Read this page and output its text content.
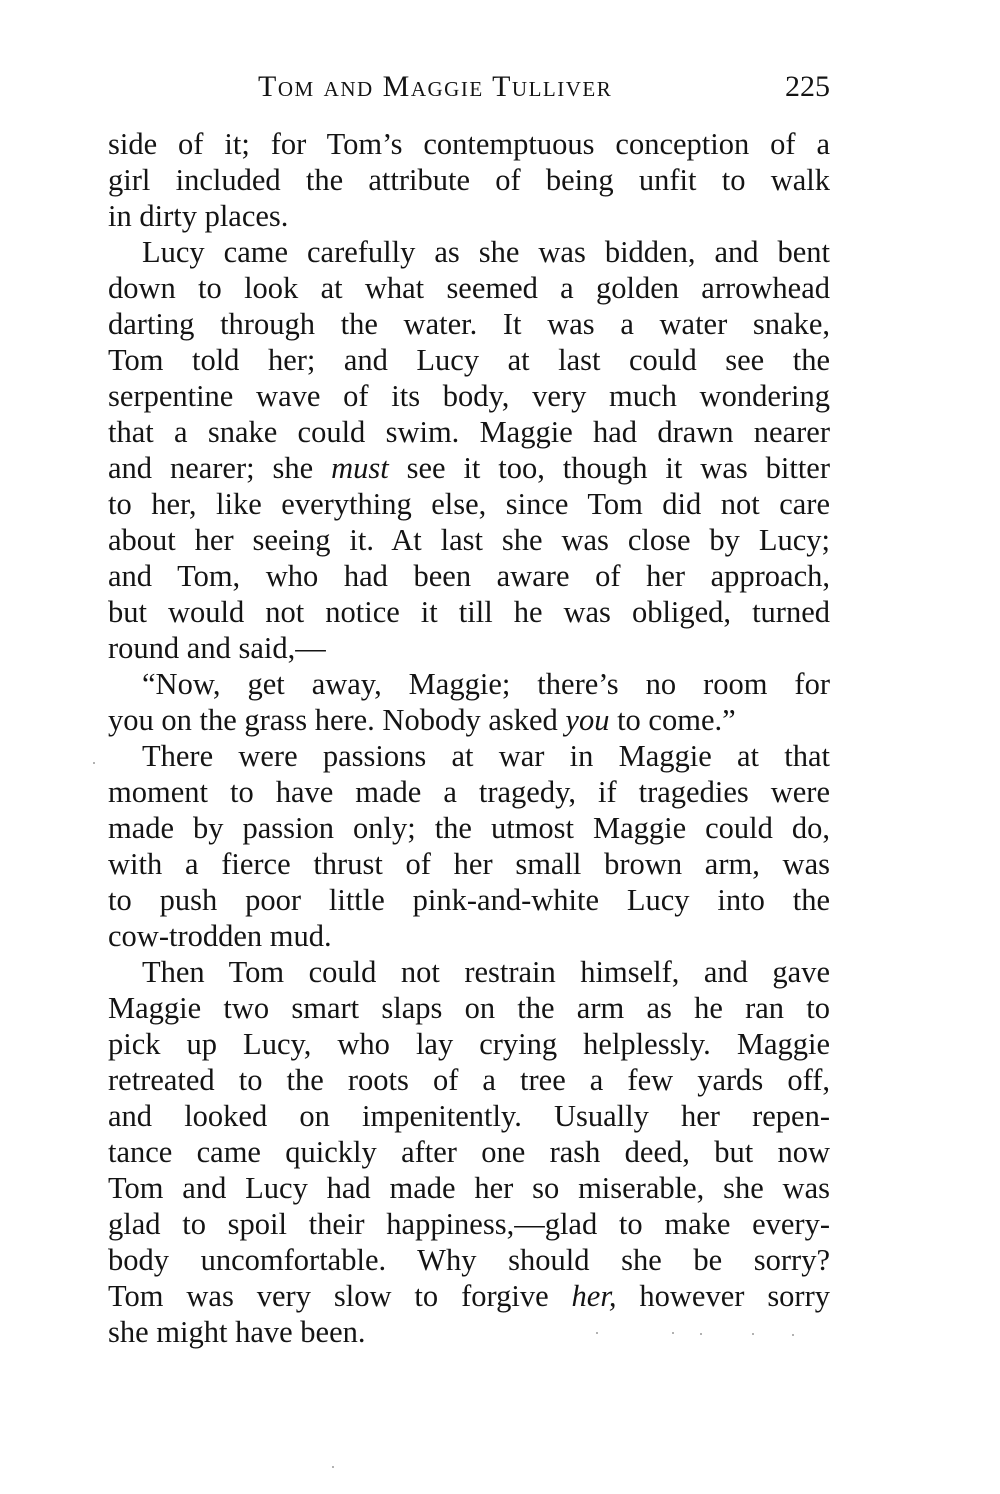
Tom and Maggie Tulliver	225
side of it; for Tom’s contemptuous conception of a
girl included the attribute of being unfit to walk
in dirty places.
Lucy came carefully as she was bidden, and bent
down to look at what seemed a golden arrowhead
darting through the water. It was a water snake,
Tom told her; and Lucy at last could see the
serpentine wave of its body, very much wondering
that a snake could swim. Maggie had drawn nearer
and nearer; she must see it too, though it was bitter
to her, like everything else, since Tom did not care
about her seeing it. At last she was close by Lucy;
and Tom, who had been aware of her approach,
but would not notice it till he was obliged, turned
round and said,—
“Now, get away, Maggie; there’s no room for
you on the grass here. Nobody asked you to come.”
There were passions at war in Maggie at that
moment to have made a tragedy, if tragedies were
made by passion only; the utmost Maggie could do,
with a fierce thrust of her small brown arm, was
to push poor little pink-and-white Lucy into the
cow-trodden mud.
Then Tom could not restrain himself, and gave
Maggie two smart slaps on the arm as he ran to
pick up Lucy, who lay crying helplessly. Maggie
retreated to the roots of a tree a few yards off,
and looked on impenitently. Usually her repen-
tance came quickly after one rash deed, but now
Tom and Lucy had made her so miserable, she was
glad to spoil their happiness,—glad to make every-
body uncomfortable. Why should she be sorry?
Tom was very slow to forgive her, however sorry
she might have been.
